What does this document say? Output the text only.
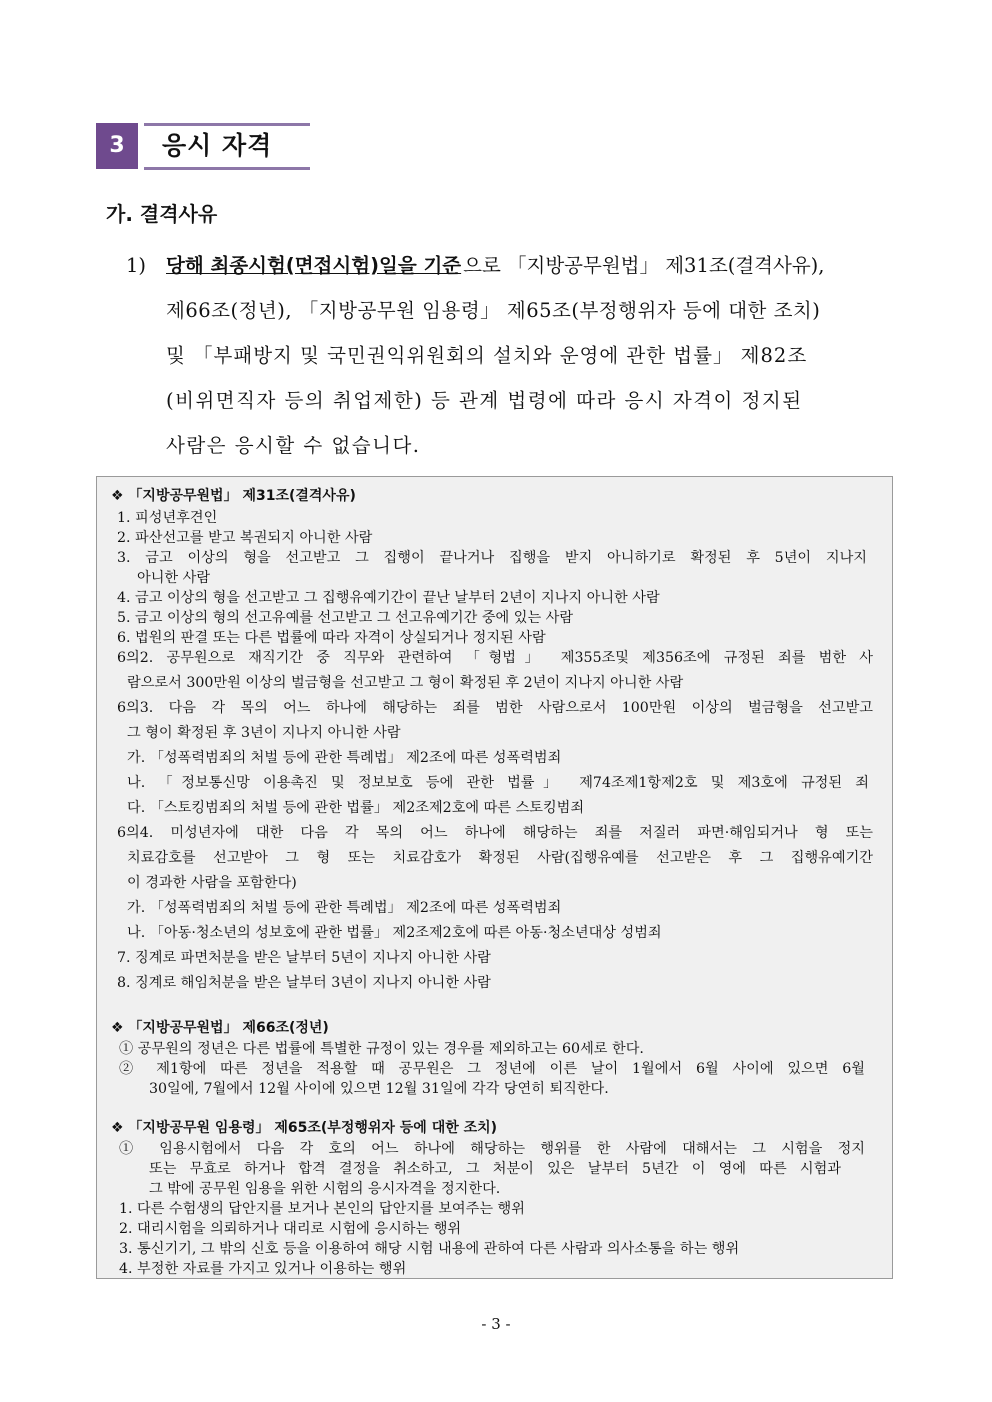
3	응시 자격
가. 결격사유
1) 당해 최종시험(면접시험)일을 기준 으로 「지방공무원법」 제31조(결격사유),
제66조(정년), 「지방공무원 임용령」 제65조(부정행위자 등에 대한 조치)
및 「부패방지 및 국민권익위원회의 설치와 운영에 관한 법률」 제82조
(비위면직자 등의 취업제한) 등 관계 법령에 따라 응시 자격이 정지된
사람은 응시할 수 없습니다.
❖ 「지방공무원법」 제31조(결격사유)
1. 피성년후견인
2. 파산선고를 받고 복권되지 아니한 사람
3. 금고 이상의 형을 선고받고 그 집행이 끝나거나 집행을 받지 아니하기로 확정된 후 5년이 지나지
아니한 사람
4. 금고 이상의 형을 선고받고 그 집행유예기간이 끝난 날부터 2년이 지나지 아니한 사람
5. 금고 이상의 형의 선고유예를 선고받고 그 선고유예기간 중에 있는 사람
6. 법원의 판결 또는 다른 법률에 따라 자격이 상실되거나 정지된 사람
6의2. 공무원으로 재직기간 중 직무와 관련하여 「형법」 제355조및 제356조에 규정된 죄를 범한 사
람으로서 300만원 이상의 벌금형을 선고받고 그 형이 확정된 후 2년이 지나지 아니한 사람
6의3. 다음 각 목의 어느 하나에 해당하는 죄를 범한 사람으로서 100만원 이상의 벌금형을 선고받고
그 형이 확정된 후 3년이 지나지 아니한 사람
가. 「성폭력범죄의 처벌 등에 관한 특례법」 제2조에 따른 성폭력범죄
나. 「정보통신망 이용촉진 및 정보보호 등에 관한 법률」 제74조제1항제2호 및 제3호에 규정된 죄
다. 「스토킹범죄의 처벌 등에 관한 법률」 제2조제2호에 따른 스토킹범죄
6의4. 미성년자에 대한 다음 각 목의 어느 하나에 해당하는 죄를 저질러 파면·해임되거나 형 또는
치료감호를 선고받아 그 형 또는 치료감호가 확정된 사람(집행유예를 선고받은 후 그 집행유예기간
이 경과한 사람을 포함한다)
가. 「성폭력범죄의 처벌 등에 관한 특례법」 제2조에 따른 성폭력범죄
나. 「아동·청소년의 성보호에 관한 법률」 제2조제2호에 따른 아동·청소년대상 성범죄
7. 징계로 파면처분을 받은 날부터 5년이 지나지 아니한 사람
8. 징계로 해임처분을 받은 날부터 3년이 지나지 아니한 사람
❖ 「지방공무원법」 제66조(정년)
① 공무원의 정년은 다른 법률에 특별한 규정이 있는 경우를 제외하고는 60세로 한다.
② 제1항에 따른 정년을 적용할 때 공무원은 그 정년에 이른 날이 1월에서 6월 사이에 있으면 6월
30일에, 7월에서 12월 사이에 있으면 12월 31일에 각각 당연히 퇴직한다.
❖ 「지방공무원 임용령」 제65조(부정행위자 등에 대한 조치)
① 임용시험에서 다음 각 호의 어느 하나에 해당하는 행위를 한 사람에 대해서는 그 시험을 정지
또는 무효로 하거나 합격 결정을 취소하고, 그 처분이 있은 날부터 5년간 이 영에 따른 시험과
그 밖에 공무원 임용을 위한 시험의 응시자격을 정지한다.
1. 다른 수험생의 답안지를 보거나 본인의 답안지를 보여주는 행위
2. 대리시험을 의뢰하거나 대리로 시험에 응시하는 행위
3. 통신기기, 그 밖의 신호 등을 이용하여 해당 시험 내용에 관하여 다른 사람과 의사소통을 하는 행위
4. 부정한 자료를 가지고 있거나 이용하는 행위
- 3 -
